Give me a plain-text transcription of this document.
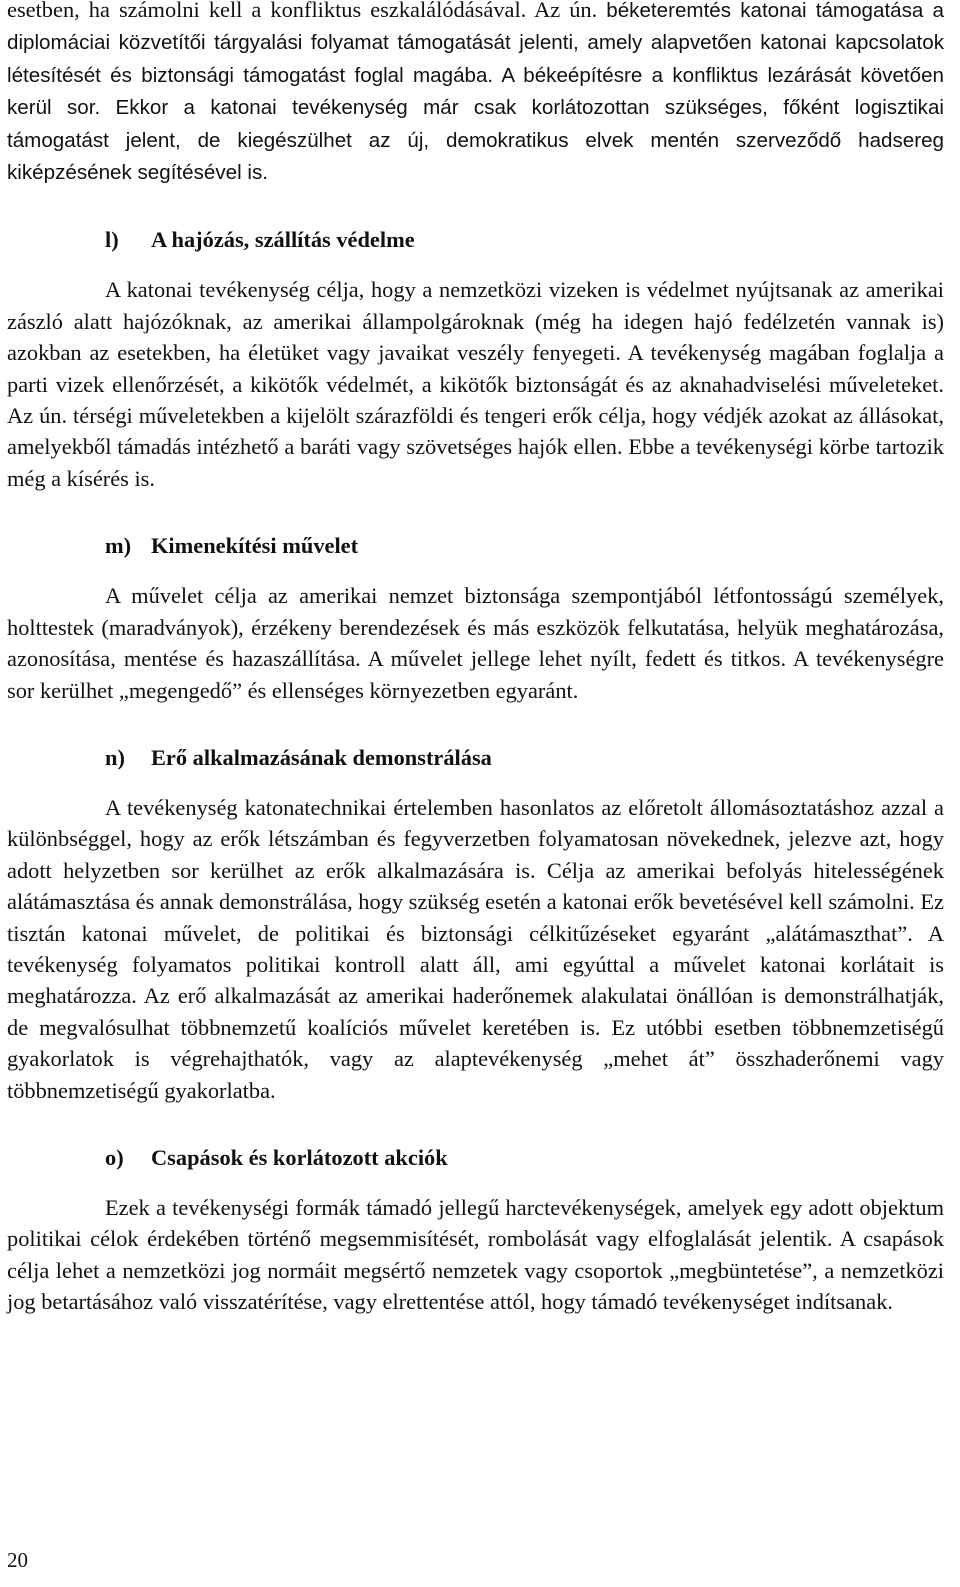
esetben, ha számolni kell a konfliktus eszkalálódásával. Az ún. béketeremtés katonai támogatása a diplomáciai közvetítői tárgyalási folyamat támogatását jelenti, amely alapvetően katonai kapcsolatok létesítését és biztonsági támogatást foglal magába. A békeépítésre a konfliktus lezárását követően kerül sor. Ekkor a katonai tevékenység már csak korlátozottan szükséges, főként logisztikai támogatást jelent, de kiegészülhet az új, demokratikus elvek mentén szerveződő hadsereg kiképzésének segítésével is.

l)	A hajózás, szállítás védelme

A katonai tevékenység célja, hogy a nemzetközi vizeken is védelmet nyújtsanak az amerikai zászló alatt hajózóknak, az amerikai állampolgároknak (még ha idegen hajó fedélzetén vannak is) azokban az esetekben, ha életüket vagy javaikat veszély fenyegeti. A tevékenység magában foglalja a parti vizek ellenőrzését, a kikötők védelmét, a kikötők biztonságát és az aknahadviselési műveleteket. Az ún. térségi műveletekben a kijelölt szárazföldi és tengeri erők célja, hogy védjék azokat az állásokat, amelyekből támadás intézhető a baráti vagy szövetséges hajók ellen. Ebbe a tevékenységi körbe tartozik még a kísérés is.

m) Kimenekítési művelet

A művelet célja az amerikai nemzet biztonsága szempontjából létfontosságú személyek, holttestek (maradványok), érzékeny berendezések és más eszközök felkutatása, helyük meghatározása, azonosítása, mentése és hazaszállítása. A művelet jellege lehet nyílt, fedett és titkos. A tevékenységre sor kerülhet „megengedő” és ellenséges környezetben egyaránt.

n)	Erő alkalmazásának demonstrálása

A tevékenység katonatechnikai értelemben hasonlatos az előretolt állomásoztatáshoz azzal a különbséggel, hogy az erők létszámban és fegyverzetben folyamatosan növekednek, jelezve azt, hogy adott helyzetben sor kerülhet az erők alkalmazására is. Célja az amerikai befolyás hitelességének alátámasztása és annak demonstrálása, hogy szükség esetén a katonai erők bevetésével kell számolni. Ez tisztán katonai művelet, de politikai és biztonsági célkitűzéseket egyaránt „alátámaszthat”. A tevékenység folyamatos politikai kontroll alatt áll, ami egyúttal a művelet katonai korlátait is meghatározza. Az erő alkalmazását az amerikai haderőnemek alakulatai önállóan is demonstrálhatják, de megvalósulhat többnemzetű koalíciós művelet keretében is. Ez utóbbi esetben többnemzetiségű gyakorlatok is végrehajthatók, vagy az alaptevékenység „mehet át” összhaderőnemi vagy többnemzetiségű gyakorlatba.

o)	Csapások és korlátozott akciók

Ezek a tevékenységi formák támadó jellegű harctevékenységek, amelyek egy adott objektum politikai célok érdekében történő megsemmisítését, rombolását vagy elfoglalását jelentik. A csapások célja lehet a nemzetközi jog normáit megsértő nemzetek vagy csoportok „megbüntetése”, a nemzetközi jog betartásához való visszatérítése, vagy elrettentése attól, hogy támadó tevékenységet indítsanak.

20
